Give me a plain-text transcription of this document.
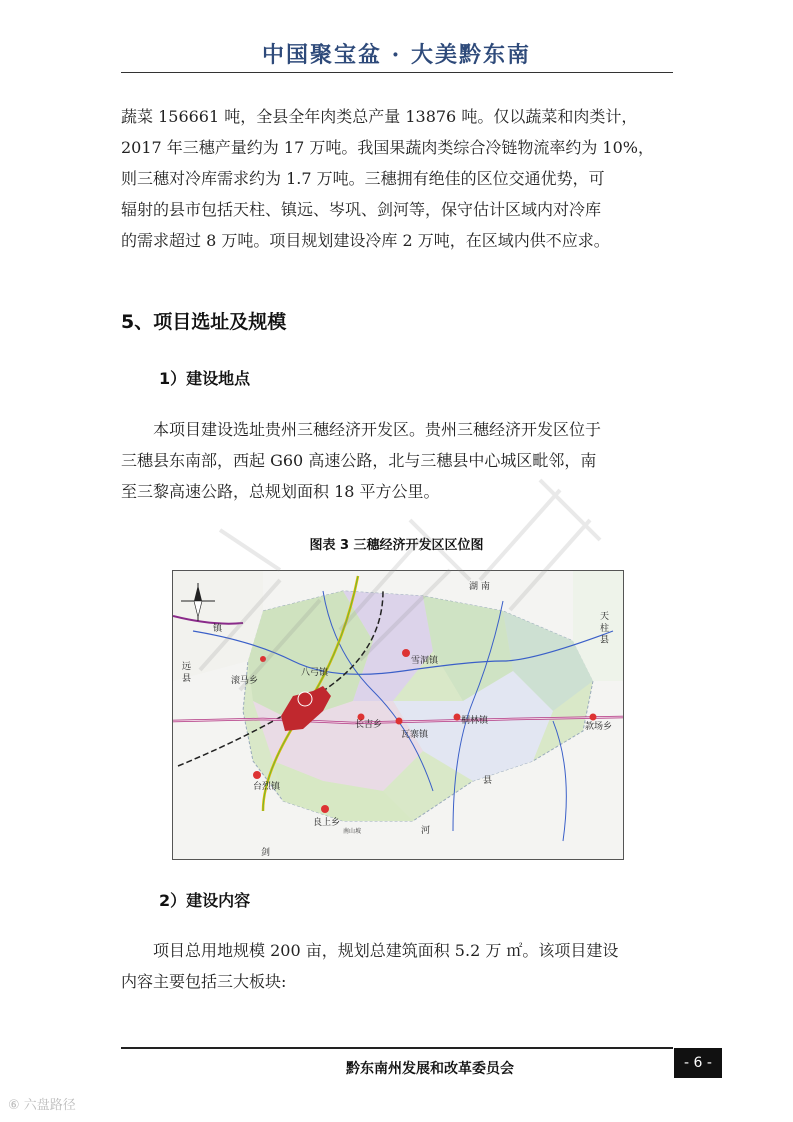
中国聚宝盆 · 大美黔东南
蔬菜 156661 吨，全县全年肉类总产量 13876 吨。仅以蔬菜和肉类计，
2017 年三穗产量约为 17 万吨。我国果蔬肉类综合冷链物流率约为 10%，
则三穗对冷库需求约为 1.7 万吨。三穗拥有绝佳的区位交通优势，可
辐射的县市包括天柱、镇远、岑巩、剑河等，保守估计区域内对冷库
的需求超过 8 万吨。项目规划建设冷库 2 万吨，在区域内供不应求。
5、项目选址及规模
1）建设地点
本项目建设选址贵州三穗经济开发区。贵州三穗经济开发区位于
三穗县东南部，西起 G60 高速公路，北与三穗县中心城区毗邻，南
至三黎高速公路，总规划面积 18 平方公里。
图表 3 三穗经济开发区区位图
湖 南
天 柱 县
远 县
镇
八弓镇
滚马乡
长吉乡
瓦寨镇
雪洞镇
桐林镇
款场乡
台烈镇
良上乡
河
剑
县
南山坡
2）建设内容
项目总用地规模 200 亩，规划总建筑面积 5.2 万 ㎡。该项目建设
内容主要包括三大板块:
黔东南州发展和改革委员会	- 6 -
⑥ 六盘路径
